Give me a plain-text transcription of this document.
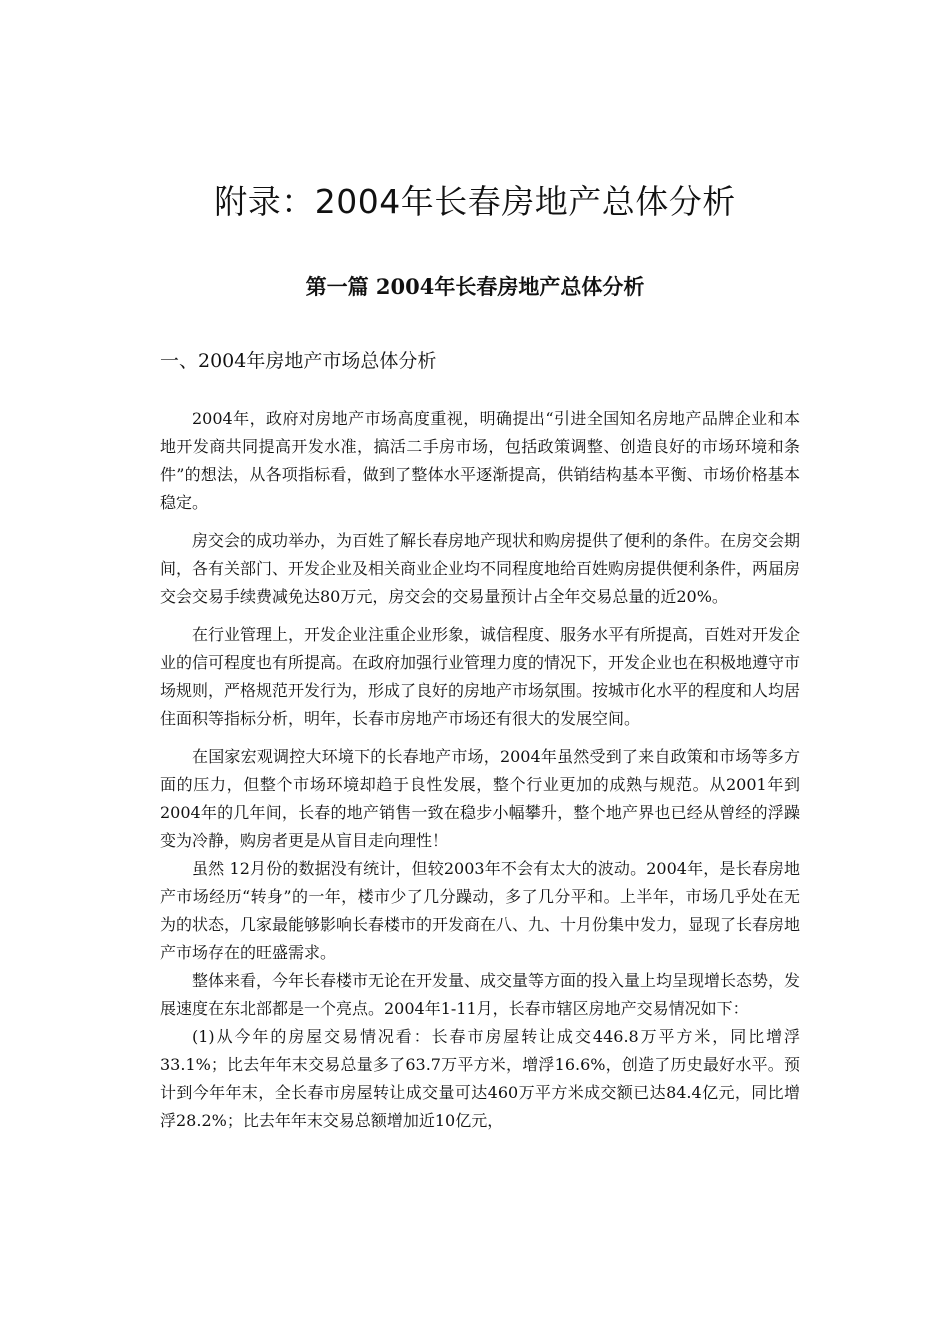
附录：2004年长春房地产总体分析
第一篇 2004年长春房地产总体分析
一、2004年房地产市场总体分析

2004年，政府对房地产市场高度重视，明确提出“引进全国知名房地产品牌企业和本地开发商共同提高开发水准，搞活二手房市场，包括政策调整、创造良好的市场环境和条件”的想法，从各项指标看，做到了整体水平逐渐提高，供销结构基本平衡、市场价格基本稳定。

房交会的成功举办，为百姓了解长春房地产现状和购房提供了便利的条件。在房交会期间，各有关部门、开发企业及相关商业企业均不同程度地给百姓购房提供便利条件，两届房交会交易手续费减免达80万元，房交会的交易量预计占全年交易总量的近20%。

在行业管理上，开发企业注重企业形象，诚信程度、服务水平有所提高，百姓对开发企业的信可程度也有所提高。在政府加强行业管理力度的情况下，开发企业也在积极地遵守市场规则，严格规范开发行为，形成了良好的房地产市场氛围。按城市化水平的程度和人均居住面积等指标分析，明年，长春市房地产市场还有很大的发展空间。

在国家宏观调控大环境下的长春地产市场，2004年虽然受到了来自政策和市场等多方面的压力，但整个市场环境却趋于良性发展，整个行业更加的成熟与规范。从2001年到2004年的几年间，长春的地产销售一致在稳步小幅攀升，整个地产界也已经从曾经的浮躁变为冷静，购房者更是从盲目走向理性！

虽然 12月份的数据没有统计，但较2003年不会有太大的波动。2004年，是长春房地产市场经历“转身”的一年，楼市少了几分躁动，多了几分平和。上半年，市场几乎处在无为的状态，几家最能够影响长春楼市的开发商在八、九、十月份集中发力，显现了长春房地产市场存在的旺盛需求。

整体来看，今年长春楼市无论在开发量、成交量等方面的投入量上均呈现增长态势，发展速度在东北部都是一个亮点。2004年1-11月，长春市辖区房地产交易情况如下：

(1)从今年的房屋交易情况看：长春市房屋转让成交446.8万平方米，同比增浮33.1%；比去年年末交易总量多了63.7万平方米，增浮16.6%，创造了历史最好水平。预计到今年年末，全长春市房屋转让成交量可达460万平方米成交额已达84.4亿元，同比增浮28.2%；比去年年末交易总额增加近10亿元，
